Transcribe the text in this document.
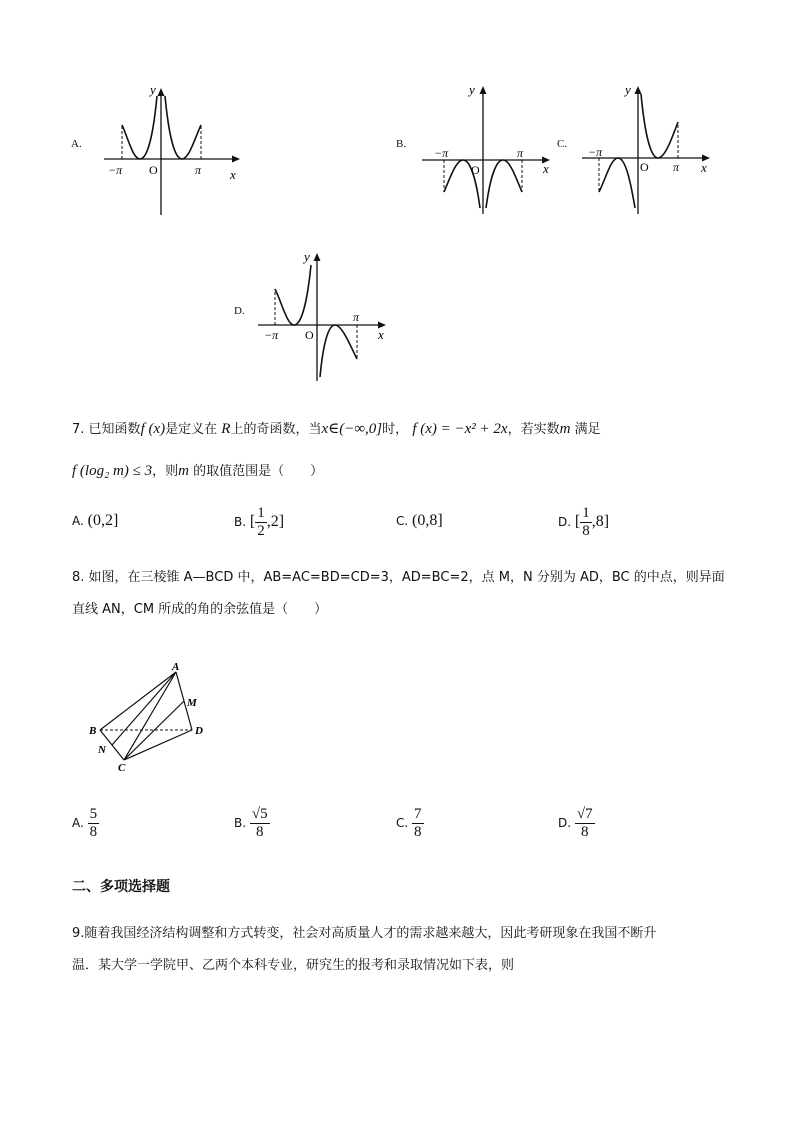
A.
y
x
O
−π	π
B.
y
x
O
−π	π
C.
y
x
O
−π
π
D.
y
x
O
−π
π
7. 已知函数f (x)是定义在 R上的奇函数，当x∈(−∞,0]时， f (x) = −x² + 2x，若实数m 满足
f (log₂ m) ≤ 3，则m 的取值范围是（　　）
A. (0,2]	B. [ $\frac{1}{2} ,2$]	C. (0,8]	D. [ $\frac{1}{8} ,8$]
8. 如图，在三棱锥 A—BCD 中，AB=AC=BD=CD=3，AD=BC=2，点 M，N 分别为 AD，BC 的中点，则异面
直线 AN，CM 所成的角的余弦值是（　　）
A
B
C
D
M
N
A. $\frac{5}{8}$	B. $\frac{√5}{8}$	C. $\frac{7}{8}$	D. $\frac{√7}{8}$
二、多项选择题
9.随着我国经济结构调整和方式转变，社会对高质量人才的需求越来越大，因此考研现象在我国不断升
温．某大学一学院甲、乙两个本科专业，研究生的报考和录取情况如下表，则
